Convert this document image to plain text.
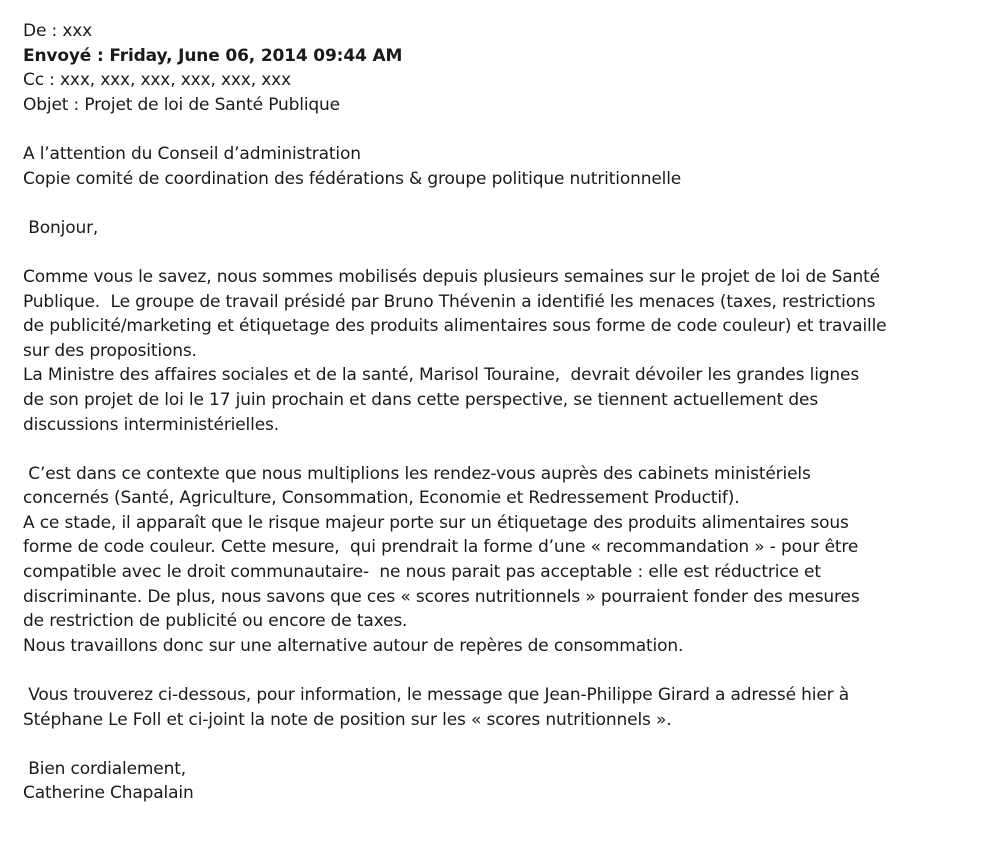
De : xxx
Envoyé : Friday, June 06, 2014 09:44 AM
Cc : xxx, xxx, xxx, xxx, xxx, xxx
Objet : Projet de loi de Santé Publique
A l’attention du Conseil d’administration
Copie comité de coordination des fédérations & groupe politique nutritionnelle
Bonjour,
Comme vous le savez, nous sommes mobilisés depuis plusieurs semaines sur le projet de loi de Santé
Publique.  Le groupe de travail présidé par Bruno Thévenin a identifié les menaces (taxes, restrictions
de publicité/marketing et étiquetage des produits alimentaires sous forme de code couleur) et travaille
sur des propositions.
La Ministre des affaires sociales et de la santé, Marisol Touraine,  devrait dévoiler les grandes lignes
de son projet de loi le 17 juin prochain et dans cette perspective, se tiennent actuellement des
discussions interministérielles.
C’est dans ce contexte que nous multiplions les rendez-vous auprès des cabinets ministériels
concernés (Santé, Agriculture, Consommation, Economie et Redressement Productif).
A ce stade, il apparaît que le risque majeur porte sur un étiquetage des produits alimentaires sous
forme de code couleur. Cette mesure,  qui prendrait la forme d’une « recommandation » - pour être
compatible avec le droit communautaire-  ne nous parait pas acceptable : elle est réductrice et
discriminante. De plus, nous savons que ces « scores nutritionnels » pourraient fonder des mesures
de restriction de publicité ou encore de taxes.
Nous travaillons donc sur une alternative autour de repères de consommation.
Vous trouverez ci-dessous, pour information, le message que Jean-Philippe Girard a adressé hier à
Stéphane Le Foll et ci-joint la note de position sur les « scores nutritionnels ».
Bien cordialement,
Catherine Chapalain
